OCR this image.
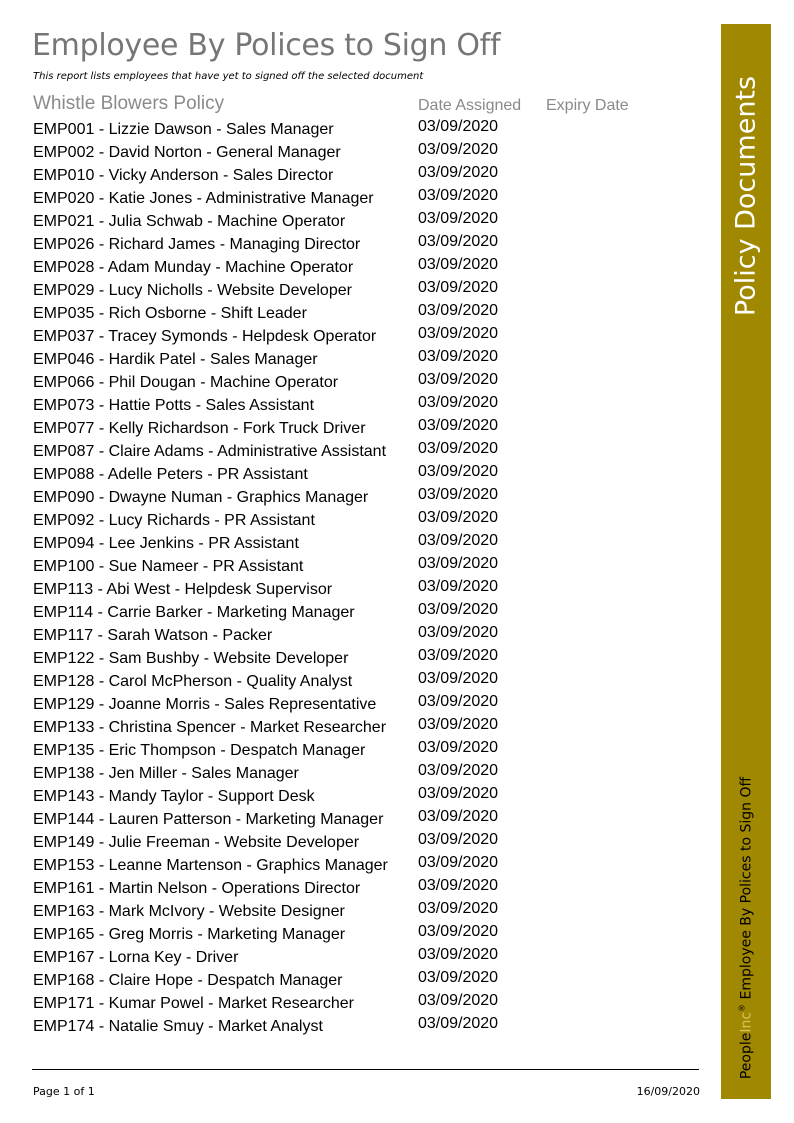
Employee By Polices to Sign Off
This report lists employees that have yet to signed off the selected document
Whistle Blowers Policy	Date Assigned Expiry Date
EMP001 - Lizzie Dawson - Sales Manager	03/09/2020
EMP002 - David Norton - General Manager	03/09/2020
EMP010 - Vicky Anderson - Sales Director	03/09/2020
EMP020 - Katie Jones - Administrative Manager	03/09/2020
EMP021 - Julia Schwab - Machine Operator	03/09/2020
EMP026 - Richard James - Managing Director	03/09/2020
EMP028 - Adam Munday - Machine Operator	03/09/2020
EMP029 - Lucy Nicholls - Website Developer	03/09/2020
EMP035 - Rich Osborne - Shift Leader	03/09/2020
EMP037 - Tracey Symonds - Helpdesk Operator	03/09/2020
EMP046 - Hardik Patel - Sales Manager	03/09/2020
EMP066 - Phil Dougan - Machine Operator	03/09/2020
EMP073 - Hattie Potts - Sales Assistant	03/09/2020
EMP077 - Kelly Richardson - Fork Truck Driver	03/09/2020
EMP087 - Claire Adams - Administrative Assistant 03/09/2020
EMP088 - Adelle Peters - PR Assistant	03/09/2020
EMP090 - Dwayne Numan - Graphics Manager	03/09/2020
EMP092 - Lucy Richards - PR Assistant	03/09/2020
EMP094 - Lee Jenkins - PR Assistant	03/09/2020
EMP100 - Sue Nameer - PR Assistant	03/09/2020
EMP113 - Abi West - Helpdesk Supervisor	03/09/2020
EMP114 - Carrie Barker - Marketing Manager	03/09/2020
EMP117 - Sarah Watson - Packer	03/09/2020
EMP122 - Sam Bushby - Website Developer	03/09/2020
EMP128 - Carol McPherson - Quality Analyst	03/09/2020
EMP129 - Joanne Morris - Sales Representative	03/09/2020
EMP133 - Christina Spencer - Market Researcher 03/09/2020
EMP135 - Eric Thompson - Despatch Manager	03/09/2020
EMP138 - Jen Miller - Sales Manager	03/09/2020
EMP143 - Mandy Taylor - Support Desk	03/09/2020
EMP144 - Lauren Patterson - Marketing Manager 03/09/2020
EMP149 - Julie Freeman - Website Developer	03/09/2020
EMP153 - Leanne Martenson - Graphics Manager 03/09/2020
EMP161 - Martin Nelson - Operations Director	03/09/2020
EMP163 - Mark McIvory - Website Designer	03/09/2020
EMP165 - Greg Morris - Marketing Manager	03/09/2020
EMP167 - Lorna Key - Driver	03/09/2020
EMP168 - Claire Hope - Despatch Manager	03/09/2020
EMP171 - Kumar Powel - Market Researcher	03/09/2020
EMP174 - Natalie Smuy - Market Analyst	03/09/2020
Page 1 of 1	16/09/2020
Policy Documents
PeopleInc® Employee By Polices to Sign Off
